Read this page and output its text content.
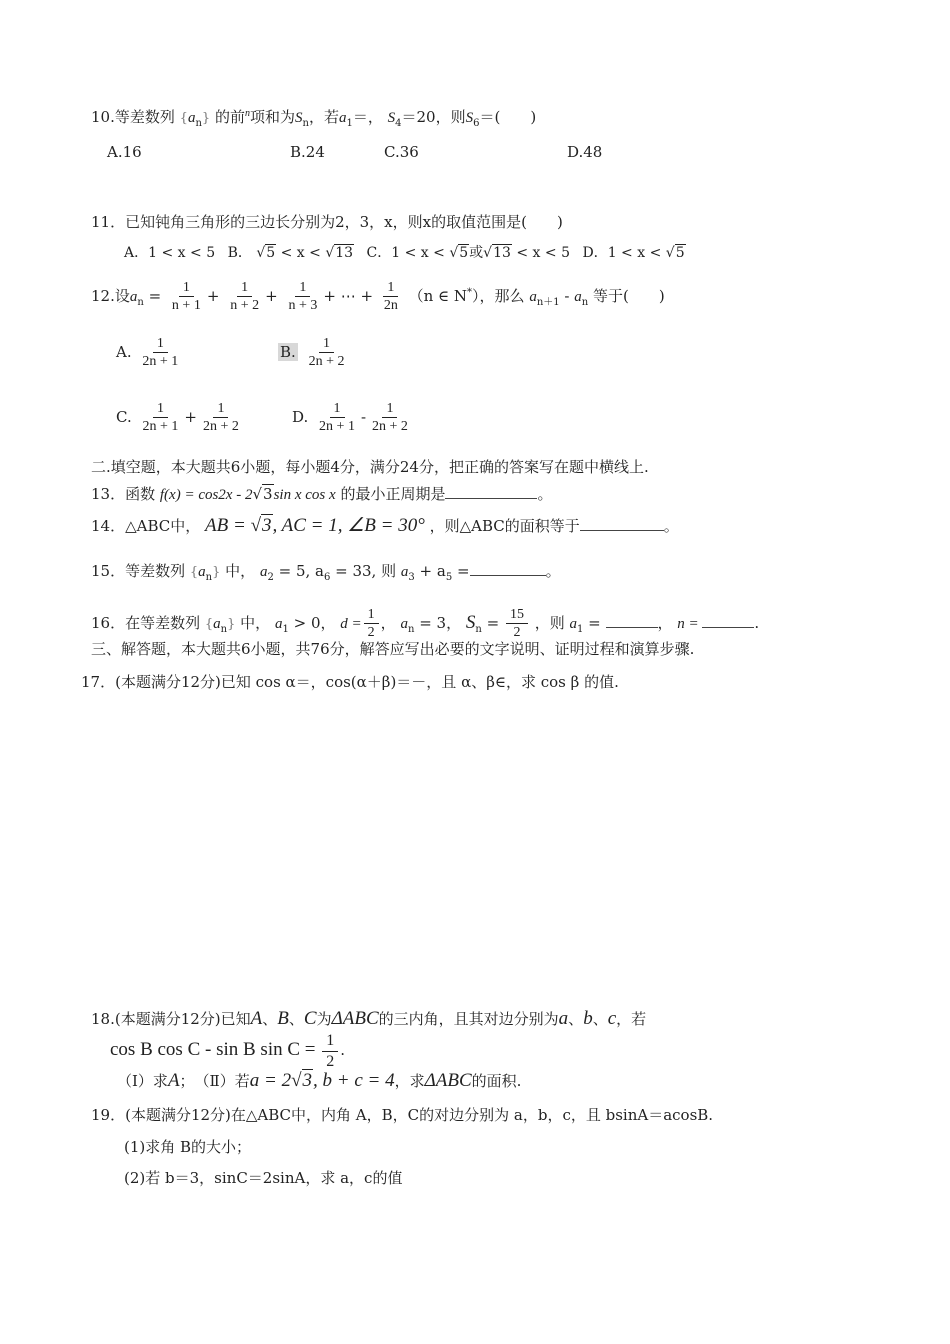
10.等差数列 $\{a_n\}$ 的前$^n$项和为$S_n$，若$a_1=$， $S_4=20$，则$S_6=$(　　)
A.16	B.24	C.36	D.48
11．已知钝角三角形的三边长分别为2，3，x，则x的取值范围是(　　)
A．1 < x < 5 B． √5 < x < √13 C．1 < x < √5或√13 < x < 5 D．1 < x < √5
12.设$a_n = \frac{1}{n + 1} + \frac{1}{n + 2} + \frac{1}{n + 3}$ + ⋯ + $\frac{1}{2n} (n$ ∈ N*），那么 $a_{n+1} - a_n$ 等于(　　)
A. $\frac{1}{2n + 1}$	B. $\frac{1}{2n + 2}$
C. $\frac{1}{2n + 1} + \frac{1}{2n + 2}$	D. $\frac{1}{2n + 1} - \frac{1}{2n + 2}$
二.填空题，本大题共6小题，每小题4分，满分24分，把正确的答案写在题中横线上.
13．函数 f(x) = cos2x - 2√3sin x cos x 的最小正周期是	。
14．△ABC中， AB = √3, AC = 1, ∠B = 30° ，则△ABC的面积等于	。
15．等差数列 $\{a_n\}$ 中， $a_2 = 5$, $a_6 = 33$, 则 $a_3 + a_5$ =	。
16．在等差数列 $\{a_n\}$ 中， $a_1 > 0$， $d = \frac{1}{2}$ ， $a_n = 3$， $S_n = \frac{15}{2}$ ，则 $a_1$ =	， n =	.
三、解答题，本大题共6小题，共76分，解答应写出必要的文字说明、证明过程和演算步骤.
17．(本题满分12分)已知 cos α＝，cos(α＋β)＝－，且 α、β∈，求 cos β 的值.
18.(本题满分12分)已知A、B、C为ΔABC的三内角，且其对边分别为a、b、c，若
cos B cos C - sin B $\sin C = \frac{1}{2}$ .
（Ⅰ）求A；　（Ⅱ）若a = 2√3, b + c = 4，求ΔABC的面积.
19．(本题满分12分)在△ABC中，内角 A，B，C的对边分别为 a，b，c，且 bsinA＝acosB.
(1)求角 B的大小；
(2)若 b＝3，sinC＝2sinA，求 a，c的值
